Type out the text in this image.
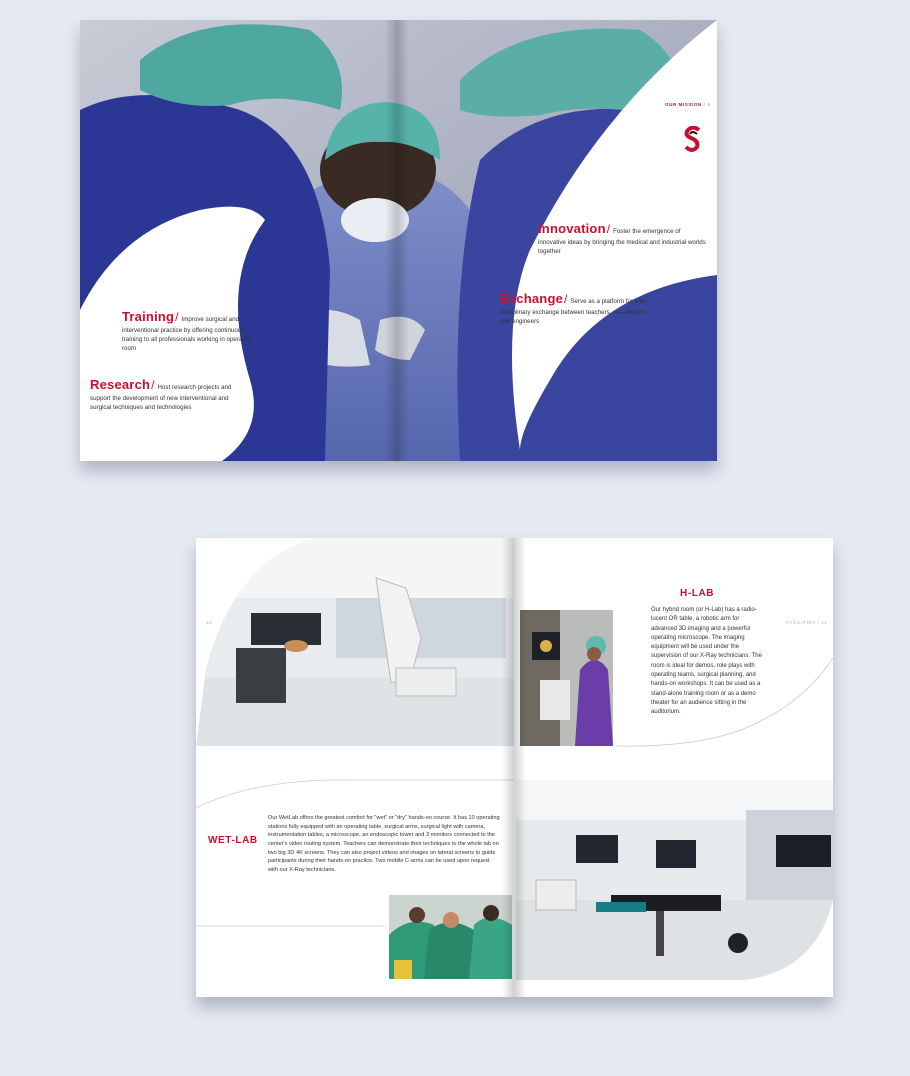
OUR MISSION / 9
Innovation/ Foster the emergence of innovative ideas by bringing the medical and industrial worlds together
Exchange/ Serve as a platform for inter-disciplinary exchange between teachers, researchers and engineers
Training/ Improve surgical and interventional practice by offering continuous training to all professionals working in operating room
Research/ Host research projects and support the development of new interventional and surgical techniques and technologies
10	FACILITIES / 11
H-LAB
Our hybrid room (or H-Lab) has a radio-lucent OR table, a robotic arm for advanced 3D imaging and a powerful operating microscope. The imaging equipment will be used under the supervision of our X-Ray technicians. The room is ideal for demos, role plays with operating teams, surgical planning, and hands-on workshops. It can be used as a stand-alone training room or as a demo theater for an audience sitting in the auditorium.
WET-LAB
Our WetLab offers the greatest comfort for "wet" or "dry" hands-on course. It has 10 operating stations fully equipped with an operating table, surgical arms, surgical light with camera, instrumentation tables, a microscope, an endoscopic tower and 3 monitors connected to the center's video routing system. Teachers can demonstrate their techniques to the whole lab on two big 3D 4K screens. They can also project videos and images on lateral screens to guide participants during their hands-on practice. Two mobile C-arms can be used upon request with our X-Ray technicians.
